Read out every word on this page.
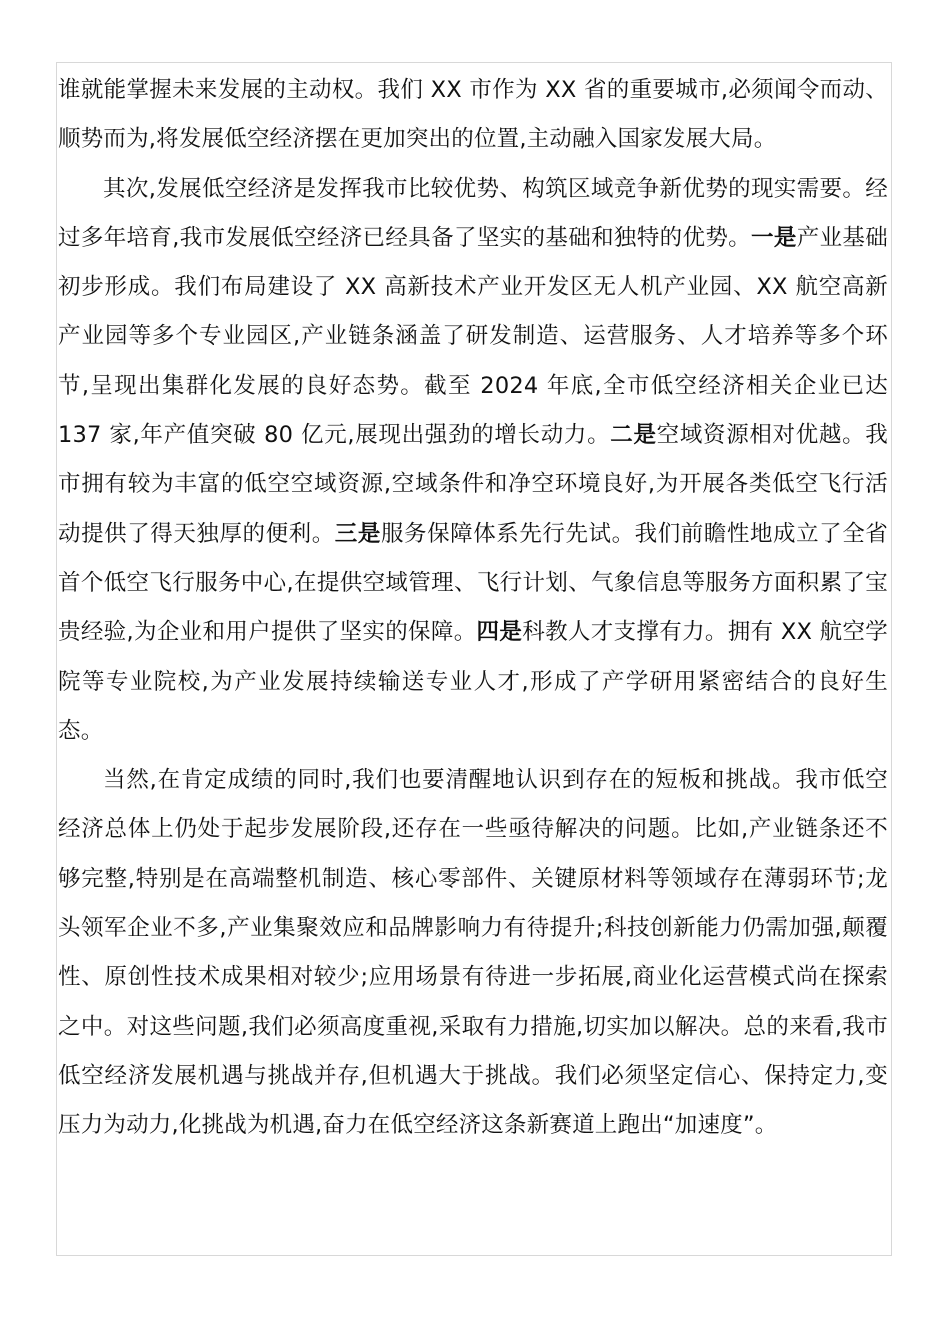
谁就能掌握未来发展的主动权。我们 XX 市作为 XX 省的重要城市,必须闻令而动、顺势而为,将发展低空经济摆在更加突出的位置,主动融入国家发展大局。

其次,发展低空经济是发挥我市比较优势、构筑区域竞争新优势的现实需要。经过多年培育,我市发展低空经济已经具备了坚实的基础和独特的优势。一是产业基础初步形成。我们布局建设了 XX 高新技术产业开发区无人机产业园、XX 航空高新产业园等多个专业园区,产业链条涵盖了研发制造、运营服务、人才培养等多个环节,呈现出集群化发展的良好态势。截至 2024 年底,全市低空经济相关企业已达 137 家,年产值突破 80 亿元,展现出强劲的增长动力。二是空域资源相对优越。我市拥有较为丰富的低空空域资源,空域条件和净空环境良好,为开展各类低空飞行活动提供了得天独厚的便利。三是服务保障体系先行先试。我们前瞻性地成立了全省首个低空飞行服务中心,在提供空域管理、飞行计划、气象信息等服务方面积累了宝贵经验,为企业和用户提供了坚实的保障。四是科教人才支撑有力。拥有 XX 航空学院等专业院校,为产业发展持续输送专业人才,形成了产学研用紧密结合的良好生态。

当然,在肯定成绩的同时,我们也要清醒地认识到存在的短板和挑战。我市低空经济总体上仍处于起步发展阶段,还存在一些亟待解决的问题。比如,产业链条还不够完整,特别是在高端整机制造、核心零部件、关键原材料等领域存在薄弱环节;龙头领军企业不多,产业集聚效应和品牌影响力有待提升;科技创新能力仍需加强,颠覆性、原创性技术成果相对较少;应用场景有待进一步拓展,商业化运营模式尚在探索之中。对这些问题,我们必须高度重视,采取有力措施,切实加以解决。总的来看,我市低空经济发展机遇与挑战并存,但机遇大于挑战。我们必须坚定信心、保持定力,变压力为动力,化挑战为机遇,奋力在低空经济这条新赛道上跑出“加速度”。
